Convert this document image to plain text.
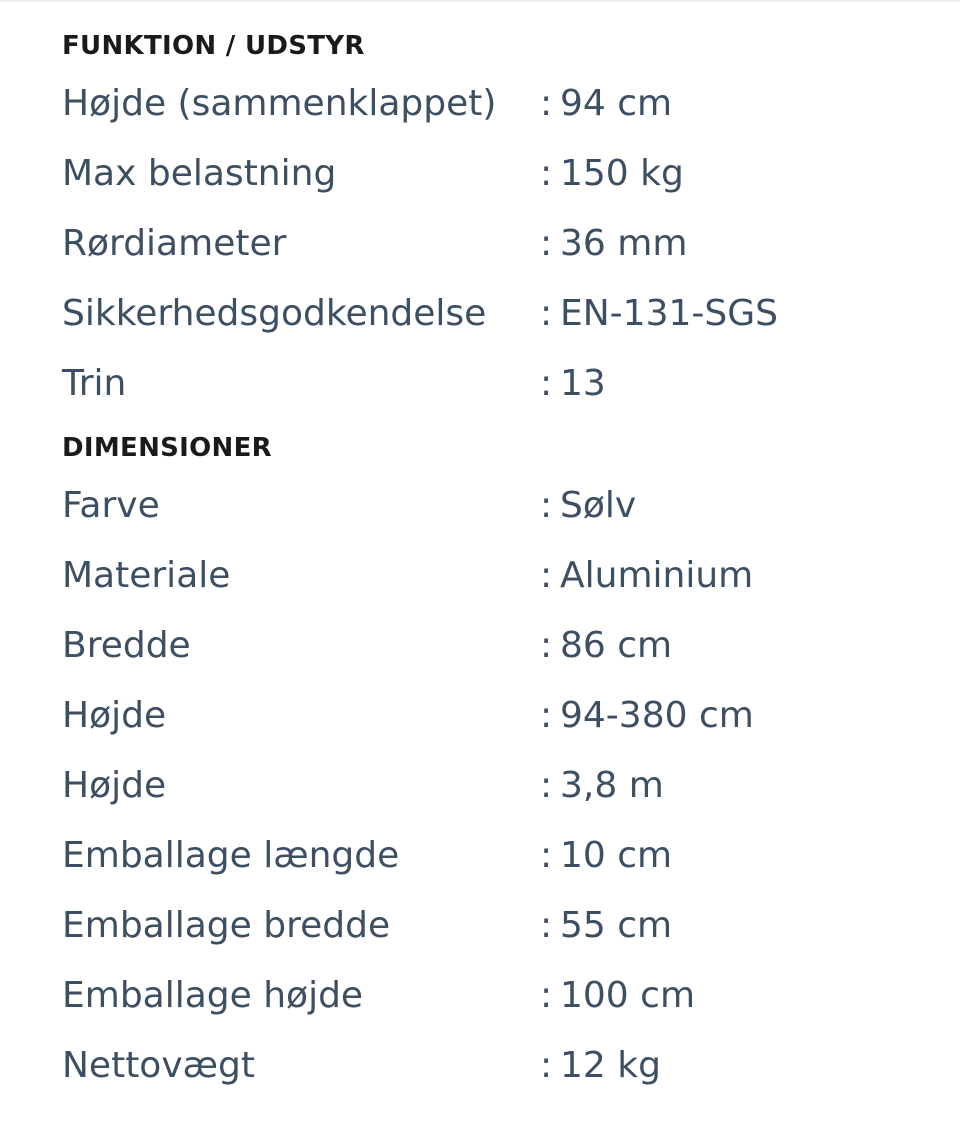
FUNKTION / UDSTYR
Højde (sammenklappet)	: 94 cm
Max belastning	: 150 kg
Rørdiameter	: 36 mm
Sikkerhedsgodkendelse	: EN-131-SGS
Trin	: 13
DIMENSIONER
Farve	: Sølv
Materiale	: Aluminium
Bredde	: 86 cm
Højde	: 94-380 cm
Højde	: 3,8 m
Emballage længde	: 10 cm
Emballage bredde	: 55 cm
Emballage højde	: 100 cm
Nettovægt	: 12 kg
